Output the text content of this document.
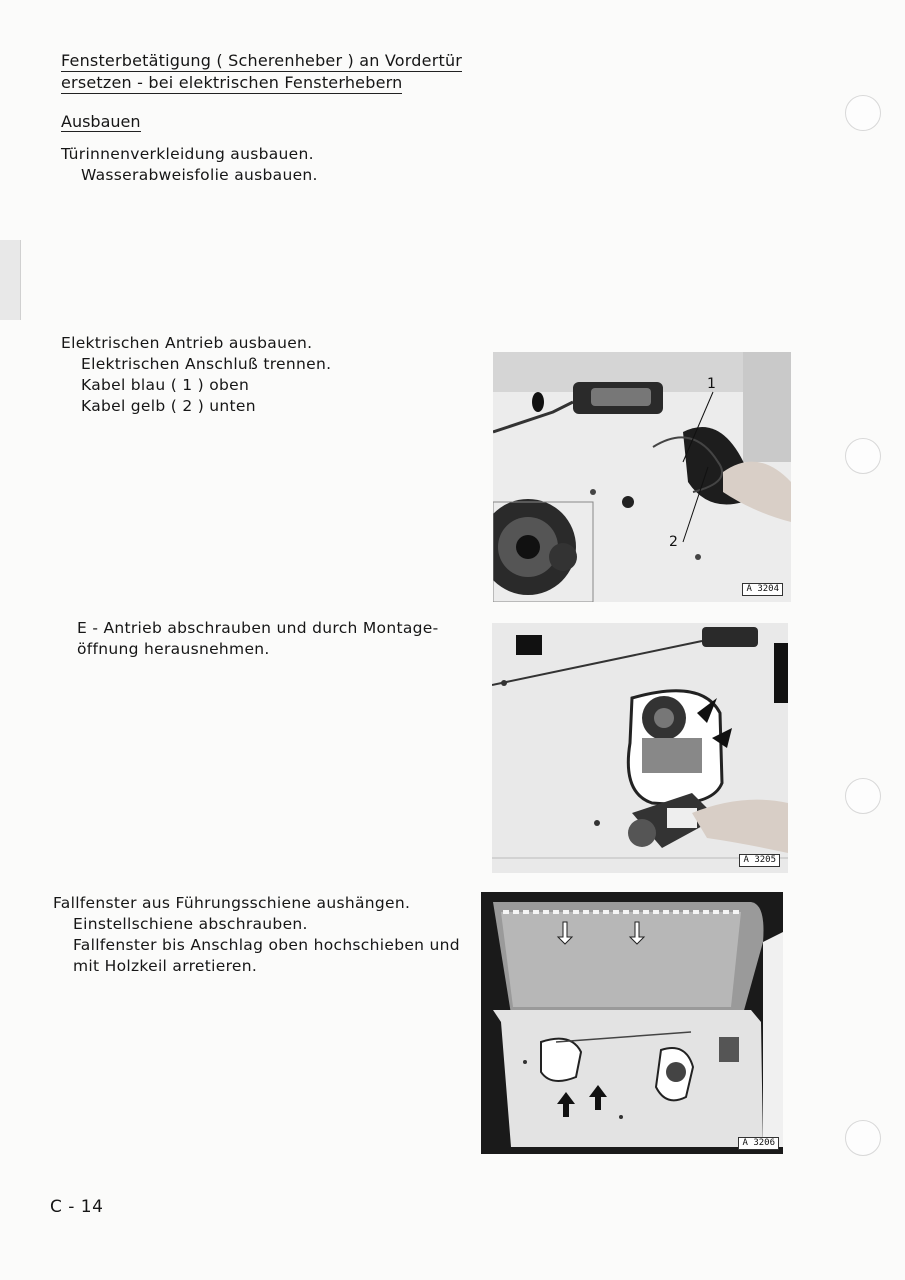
Fensterbetätigung ( Scherenheber ) an Vordertür
ersetzen - bei elektrischen Fensterhebern
Ausbauen
Türinnenverkleidung ausbauen.
Wasserabweisfolie ausbauen.
Elektrischen Antrieb ausbauen.
Elektrischen Anschluß trennen.
Kabel blau ( 1 ) oben
Kabel gelb ( 2 ) unten
E - Antrieb abschrauben und durch Montage-
öffnung herausnehmen.
Fallfenster aus Führungsschiene aushängen.
Einstellschiene abschrauben.
Fallfenster bis Anschlag oben hochschieben und
mit Holzkeil arretieren.
1
2
A 3204
A 3205
A 3206
C - 14
